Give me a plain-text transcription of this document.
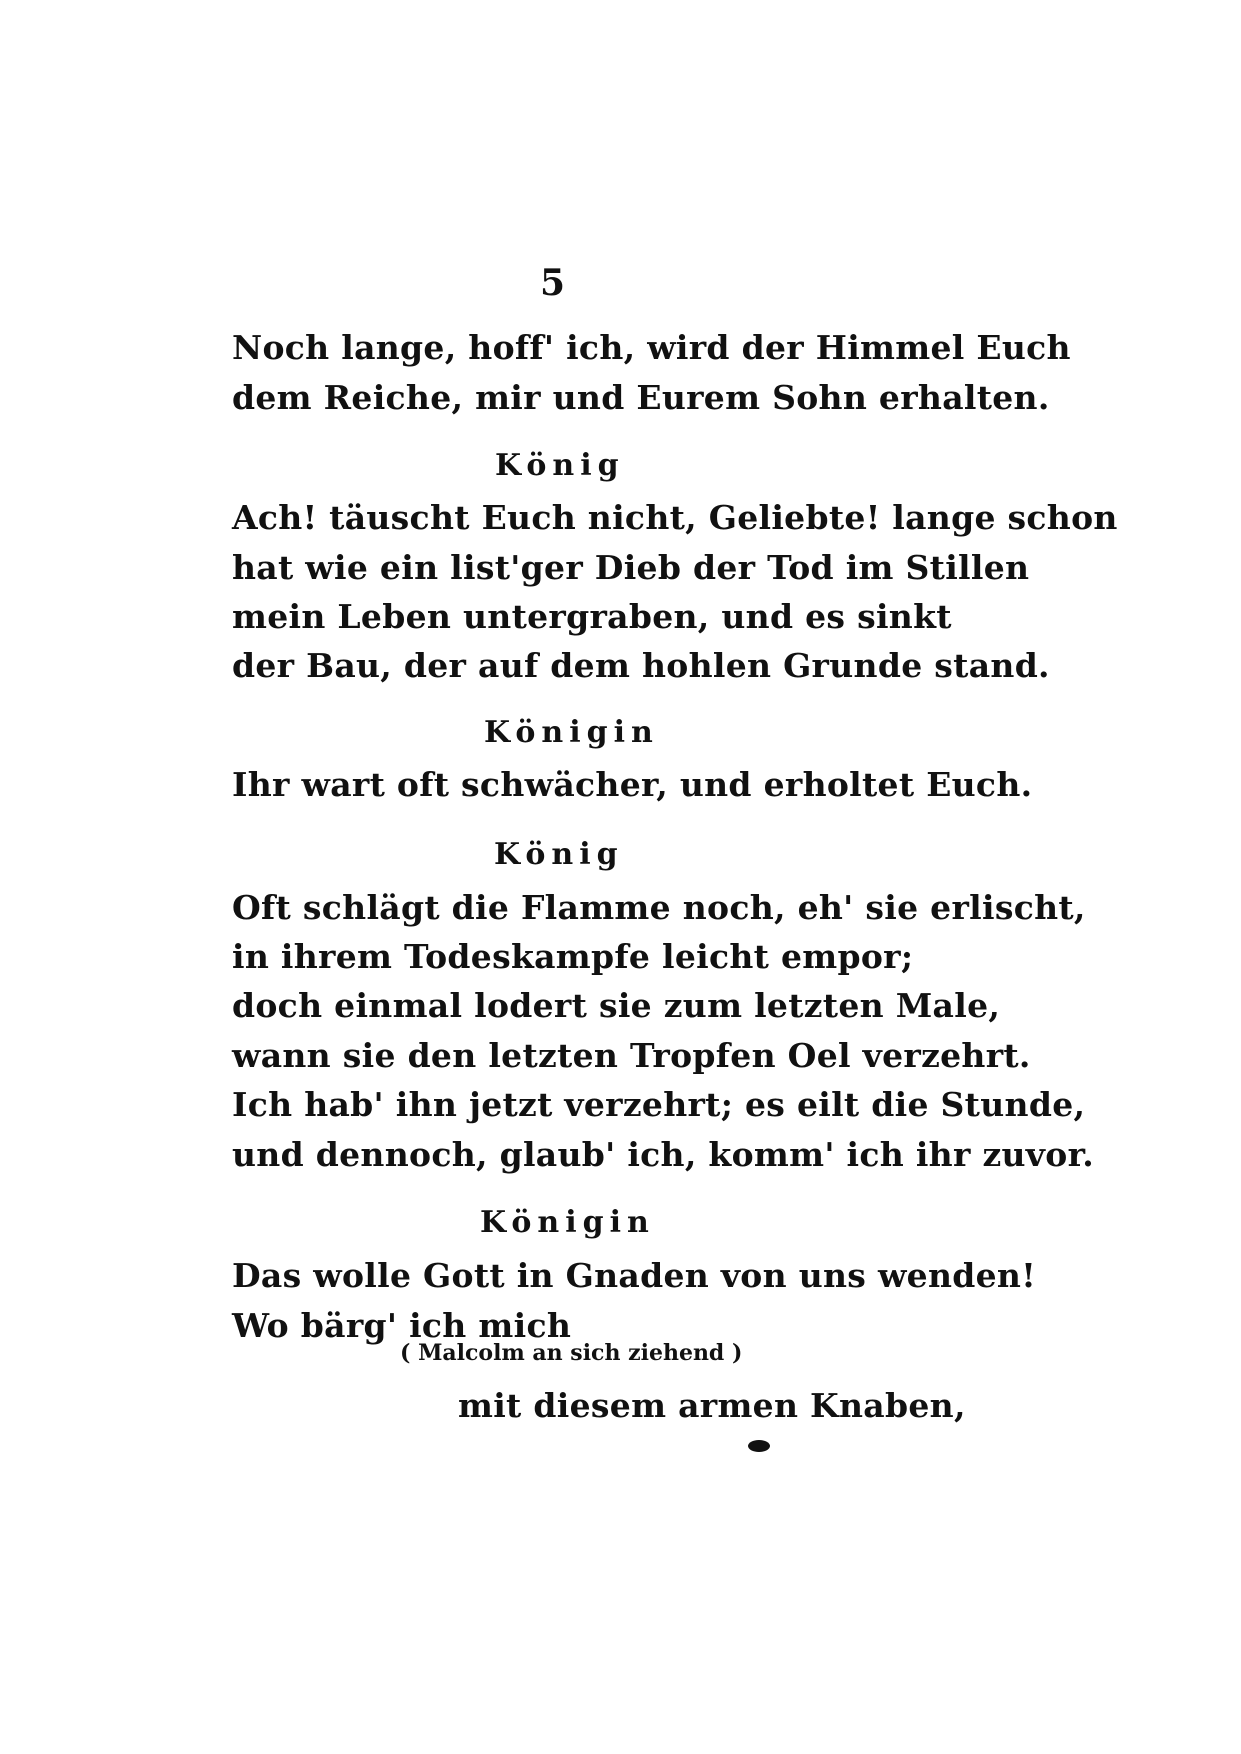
5
Noch lange, hoff' ich, wird der Himmel Euch
dem Reiche, mir und Eurem Sohn erhalten.
König
Ach! täuscht Euch nicht, Geliebte! lange schon
hat wie ein list'ger Dieb der Tod im Stillen
mein Leben untergraben, und es sinkt
der Bau, der auf dem hohlen Grunde stand.
Königin
Ihr wart oft schwächer, und erholtet Euch.
König
Oft schlägt die Flamme noch, eh' sie erlischt,
in ihrem Todeskampfe leicht empor;
doch einmal lodert sie zum letzten Male,
wann sie den letzten Tropfen Oel verzehrt.
Ich hab' ihn jetzt verzehrt; es eilt die Stunde,
und dennoch, glaub' ich, komm' ich ihr zuvor.
Königin
Das wolle Gott in Gnaden von uns wenden!
Wo bärg' ich mich
( Malcolm an sich ziehend )
mit diesem armen Knaben,
